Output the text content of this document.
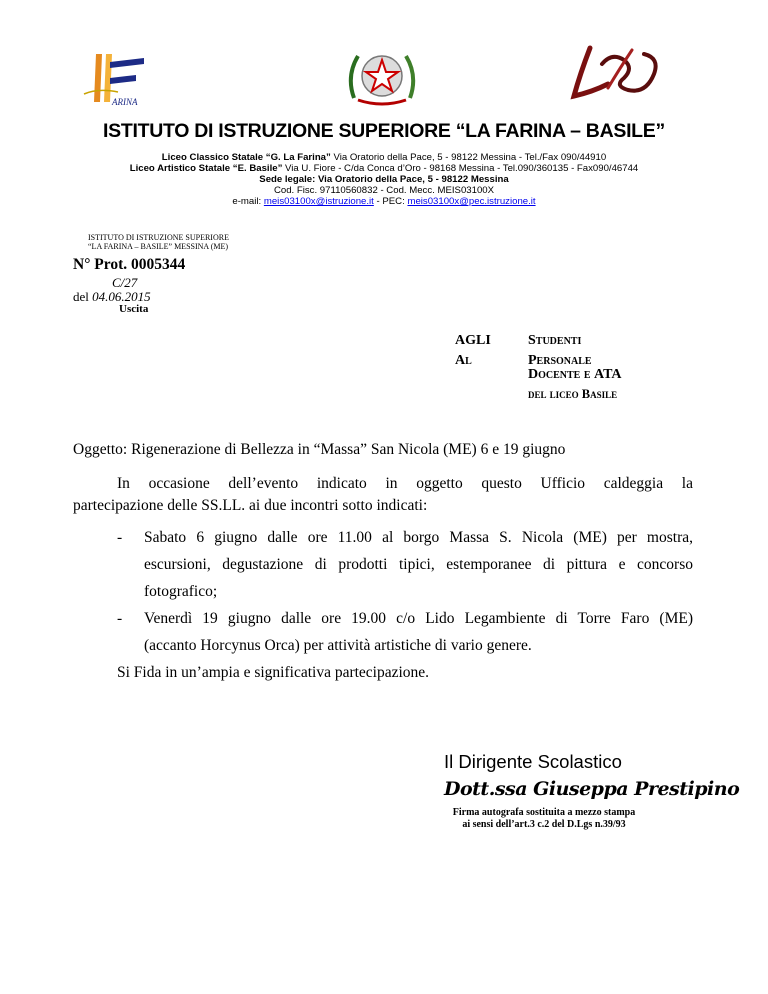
ARINA
ISTITUTO DI ISTRUZIONE SUPERIORE “LA FARINA – BASILE”
Liceo Classico Statale “G. La Farina” Via Oratorio della Pace, 5 - 98122 Messina - Tel./Fax 090/44910
Liceo Artistico Statale “E. Basile” Via U. Fiore - C/da Conca d’Oro - 98168 Messina - Tel.090/360135 - Fax090/46744
Sede legale: Via Oratorio della Pace, 5 - 98122 Messina
Cod. Fisc. 97110560832 - Cod. Mecc. MEIS03100X
e-mail: meis03100x@istruzione.it - PEC: meis03100x@pec.istruzione.it
ISTITUTO DI ISTRUZIONE SUPERIORE
“LA FARINA – BASILE” MESSINA (ME)
N° Prot. 0005344
C/27
del 04.06.2015
Uscita
AGLI
Al
Studenti
Personale
Docente e ATA
del liceo Basile
Oggetto: Rigenerazione di Bellezza in “Massa” San Nicola (ME) 6 e 19 giugno
In occasione dell’evento indicato in oggetto questo Ufficio caldeggia la
partecipazione delle SS.LL. ai due incontri sotto indicati:
- Sabato 6 giugno dalle ore 11.00 al borgo Massa S. Nicola (ME) per mostra,
escursioni, degustazione di prodotti tipici, estemporanee di pittura e concorso
fotografico;
- Venerdì 19 giugno dalle ore 19.00 c/o Lido Legambiente di Torre Faro (ME)
(accanto Horcynus Orca) per attività artistiche di vario genere.
Si Fida in un’ampia e significativa partecipazione.
Il Dirigente Scolastico
Dott.ssa Giuseppa Prestipino
Firma autografa sostituita a mezzo stampa
ai sensi dell’art.3 c.2 del D.Lgs n.39/93
